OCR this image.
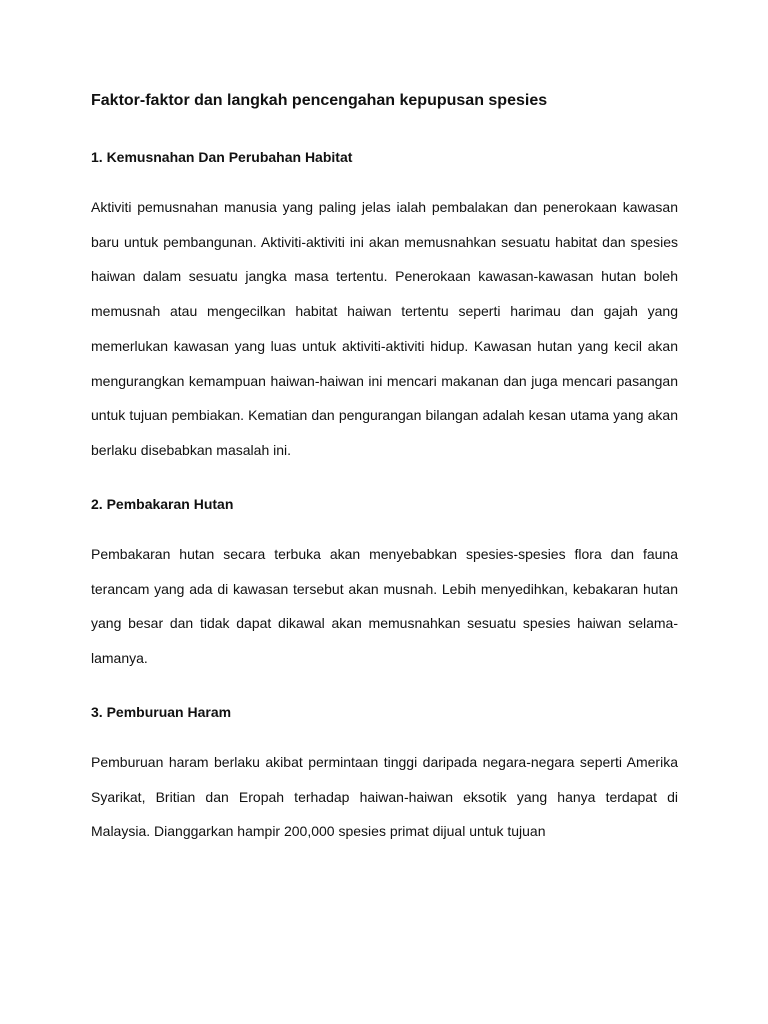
Faktor-faktor dan langkah pencengahan kepupusan spesies
1. Kemusnahan Dan Perubahan Habitat

Aktiviti pemusnahan manusia yang paling jelas ialah pembalakan dan penerokaan kawasan baru untuk pembangunan. Aktiviti-aktiviti ini akan memusnahkan sesuatu habitat dan spesies haiwan dalam sesuatu jangka masa tertentu. Penerokaan kawasan-kawasan hutan boleh memusnah atau mengecilkan habitat haiwan tertentu seperti harimau dan gajah yang memerlukan kawasan yang luas untuk aktiviti-aktiviti hidup. Kawasan hutan yang kecil akan mengurangkan kemampuan haiwan-haiwan ini mencari makanan dan juga mencari pasangan untuk tujuan pembiakan. Kematian dan pengurangan bilangan adalah kesan utama yang akan berlaku disebabkan masalah ini.

2. Pembakaran Hutan

Pembakaran hutan secara terbuka akan menyebabkan spesies-spesies flora dan fauna terancam yang ada di kawasan tersebut akan musnah. Lebih menyedihkan, kebakaran hutan yang besar dan tidak dapat dikawal akan memusnahkan sesuatu spesies haiwan selama-lamanya.

3. Pemburuan Haram

Pemburuan haram berlaku akibat permintaan tinggi daripada negara-negara seperti Amerika Syarikat, Britian dan Eropah terhadap haiwan-haiwan eksotik yang hanya terdapat di Malaysia. Dianggarkan hampir 200,000 spesies primat dijual untuk tujuan
